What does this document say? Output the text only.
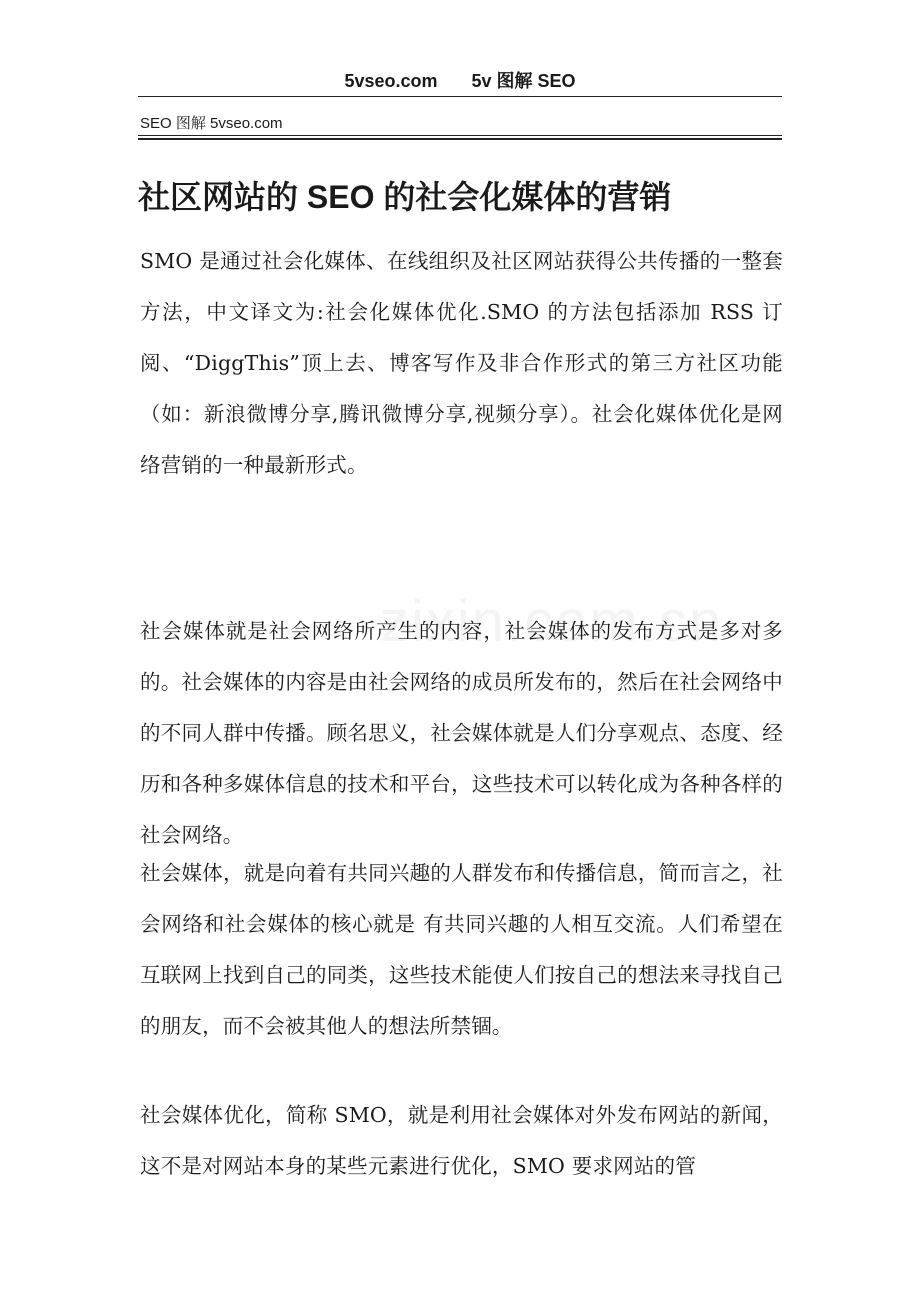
5vseo.com 5v 图解 SEO
SEO 图解 5vseo.com
社区网站的 SEO 的社会化媒体的营销

SMO 是通过社会化媒体、在线组织及社区网站获得公共传播的一整套方法，中文译文为:社会化媒体优化.SMO 的方法包括添加 RSS 订阅、“DiggThis”顶上去、博客写作及非合作形式的第三方社区功能（如：新浪微博分享,腾讯微博分享,视频分享）。社会化媒体优化是网络营销的一种最新形式。

社会媒体就是社会网络所产生的内容，社会媒体的发布方式是多对多的。社会媒体的内容是由社会网络的成员所发布的，然后在社会网络中的不同人群中传播。顾名思义，社会媒体就是人们分享观点、态度、经历和各种多媒体信息的技术和平台，这些技术可以转化成为各种各样的社会网络。

社会媒体，就是向着有共同兴趣的人群发布和传播信息，简而言之，社会网络和社会媒体的核心就是 有共同兴趣的人相互交流。人们希望在互联网上找到自己的同类，这些技术能使人们按自己的想法来寻找自己的朋友，而不会被其他人的想法所禁锢。

社会媒体优化，简称 SMO，就是利用社会媒体对外发布网站的新闻，这不是对网站本身的某些元素进行优化，SMO 要求网站的管
